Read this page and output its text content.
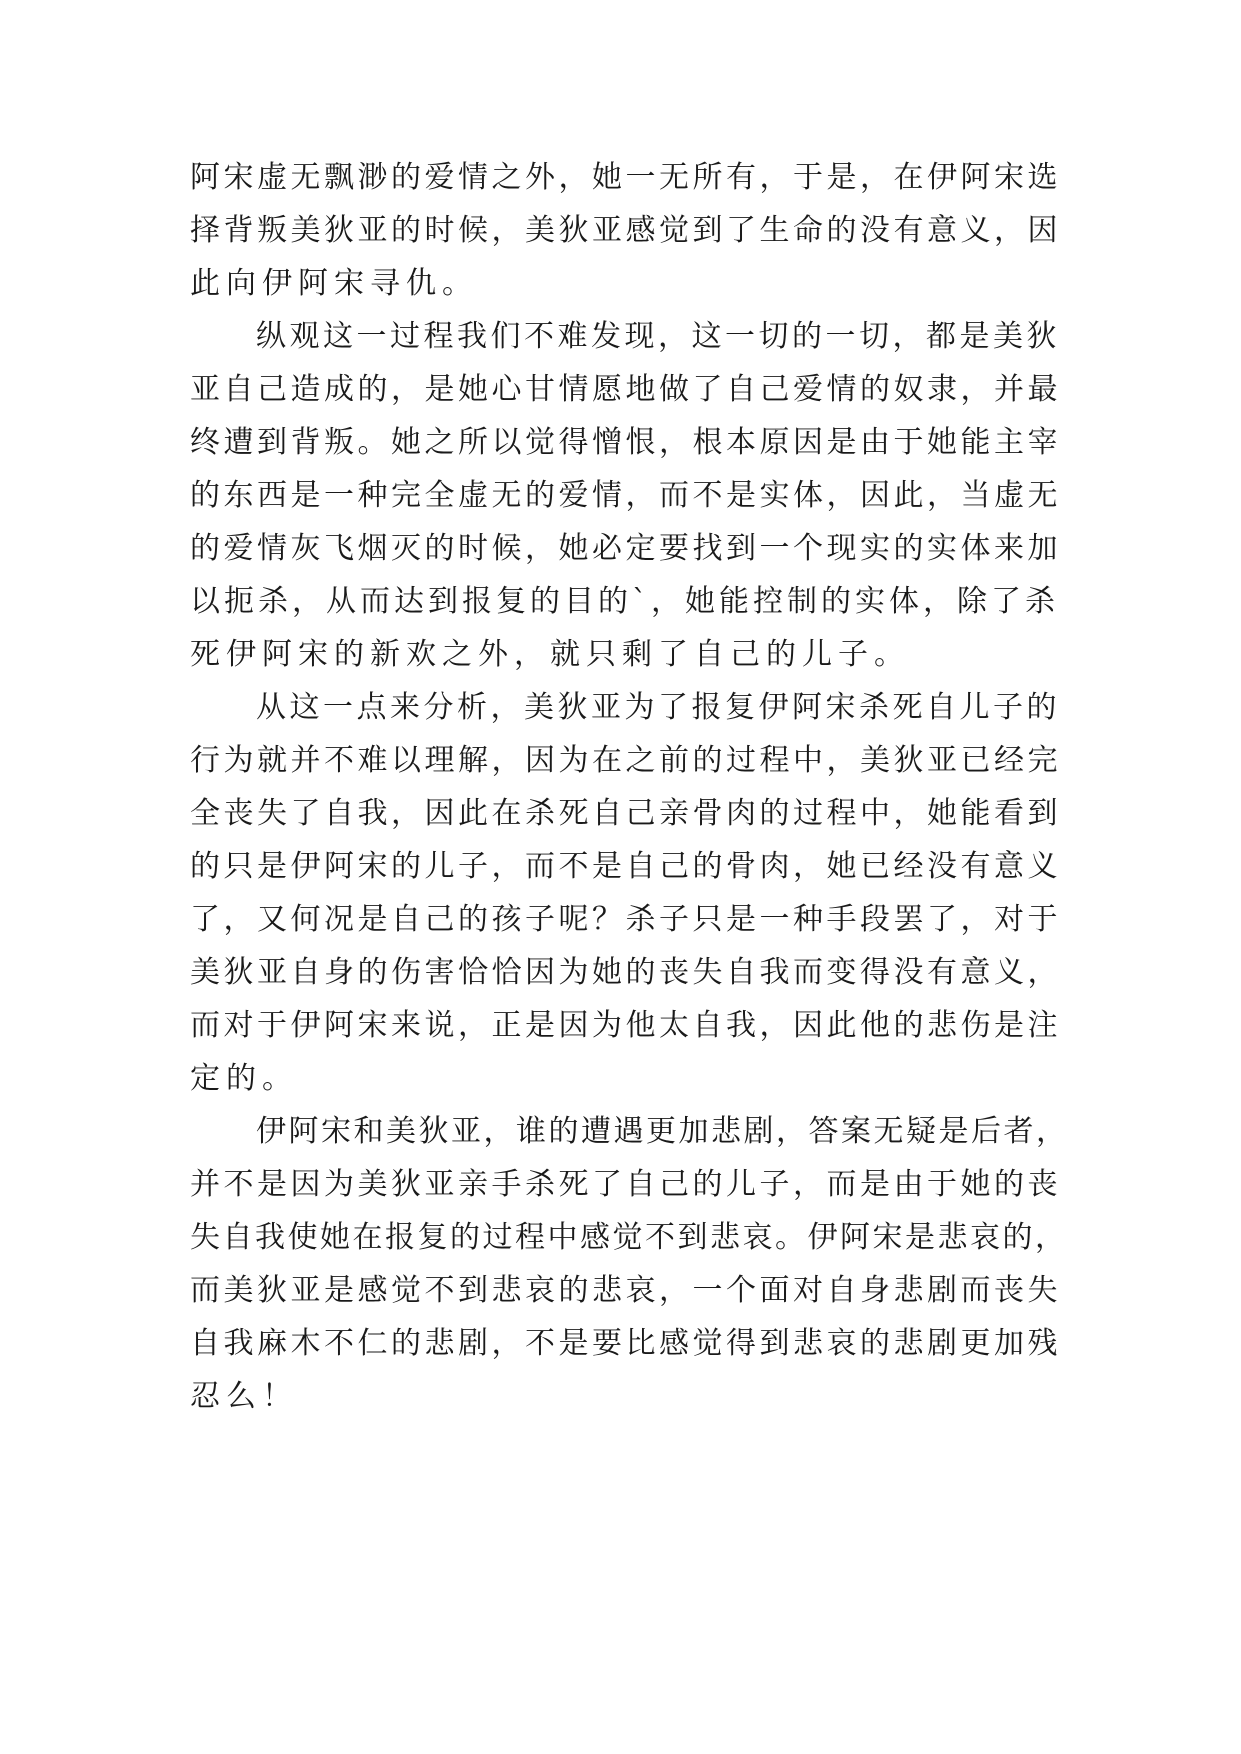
阿宋虚无飘渺的爱情之外，她一无所有，于是，在伊阿宋选
择背叛美狄亚的时候，美狄亚感觉到了生命的没有意义，因
此向伊阿宋寻仇。
纵观这一过程我们不难发现，这一切的一切，都是美狄
亚自己造成的，是她心甘情愿地做了自己爱情的奴隶，并最
终遭到背叛。她之所以觉得憎恨，根本原因是由于她能主宰
的东西是一种完全虚无的爱情，而不是实体，因此，当虚无
的爱情灰飞烟灭的时候，她必定要找到一个现实的实体来加
以扼杀，从而达到报复的目的`，她能控制的实体，除了杀
死伊阿宋的新欢之外，就只剩了自己的儿子。
从这一点来分析，美狄亚为了报复伊阿宋杀死自儿子的
行为就并不难以理解，因为在之前的过程中，美狄亚已经完
全丧失了自我，因此在杀死自己亲骨肉的过程中，她能看到
的只是伊阿宋的儿子，而不是自己的骨肉，她已经没有意义
了，又何况是自己的孩子呢？杀子只是一种手段罢了，对于
美狄亚自身的伤害恰恰因为她的丧失自我而变得没有意义，
而对于伊阿宋来说，正是因为他太自我，因此他的悲伤是注
定的。
伊阿宋和美狄亚，谁的遭遇更加悲剧，答案无疑是后者，
并不是因为美狄亚亲手杀死了自己的儿子，而是由于她的丧
失自我使她在报复的过程中感觉不到悲哀。伊阿宋是悲哀的，
而美狄亚是感觉不到悲哀的悲哀，一个面对自身悲剧而丧失
自我麻木不仁的悲剧，不是要比感觉得到悲哀的悲剧更加残
忍么！
